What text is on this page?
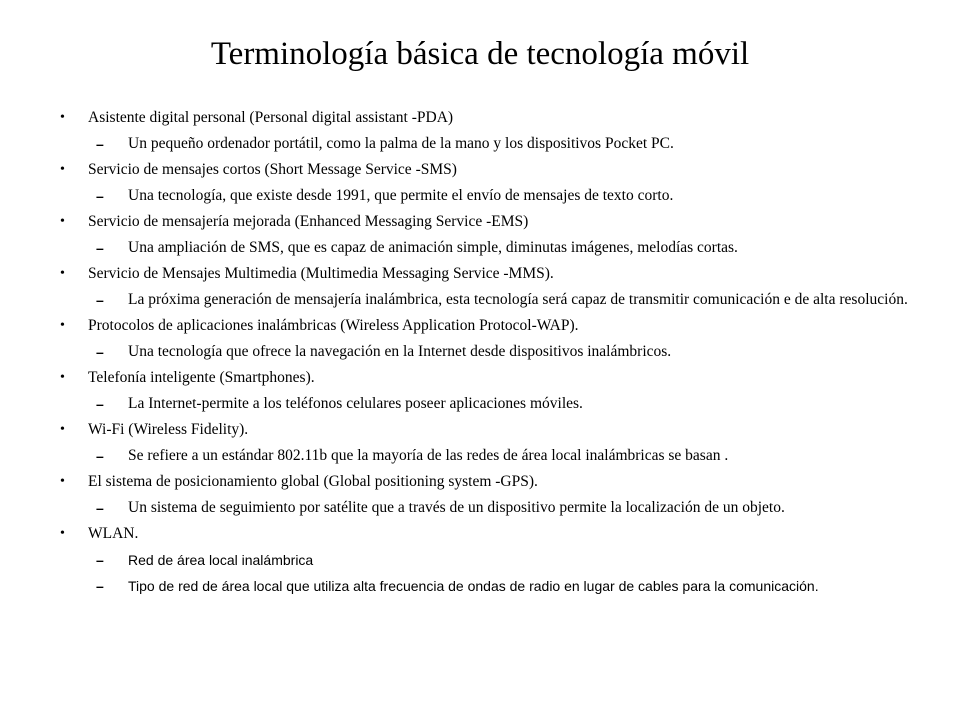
Terminología básica de tecnología móvil
• Asistente digital personal (Personal digital assistant -PDA)
– Un pequeño ordenador portátil, como la palma de la mano y los dispositivos Pocket PC.
• Servicio de mensajes cortos (Short Message Service -SMS)
– Una tecnología, que existe desde 1991, que permite el envío de mensajes de texto corto.
• Servicio de mensajería mejorada (Enhanced Messaging Service -EMS)
– Una ampliación de SMS, que es capaz de animación simple, diminutas imágenes, melodías cortas.
• Servicio de Mensajes Multimedia (Multimedia Messaging Service -MMS).
– La próxima generación de mensajería inalámbrica, esta tecnología será capaz de transmitir comunicación e de alta resolución.
• Protocolos de aplicaciones inalámbricas (Wireless Application Protocol-WAP).
– Una tecnología que ofrece la navegación en la Internet desde dispositivos inalámbricos.
• Telefonía inteligente (Smartphones).
– La Internet-permite a los teléfonos celulares poseer aplicaciones móviles.
• Wi-Fi (Wireless Fidelity).
– Se refiere a un estándar 802.11b que la mayoría de las redes de área local inalámbricas se basan .
• El sistema de posicionamiento global (Global positioning system -GPS).
– Un sistema de seguimiento por satélite que a través de un dispositivo permite la localización de un objeto.
• WLAN.
– Red de área local inalámbrica
– Tipo de red de área local que utiliza alta frecuencia de ondas de radio en lugar de cables para la comunicación.
